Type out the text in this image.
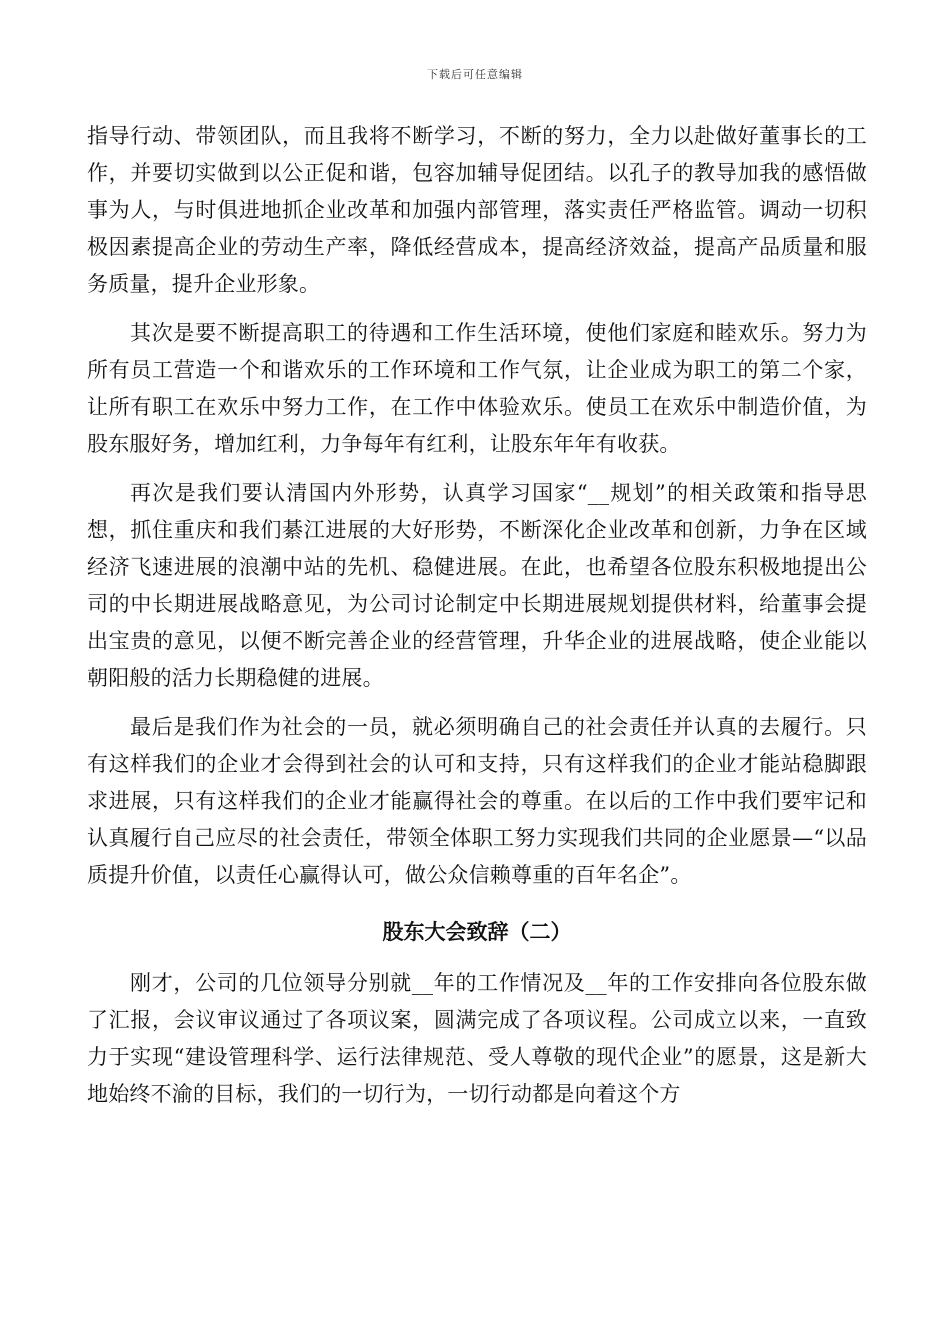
下载后可任意编辑

指导行动、带领团队，而且我将不断学习，不断的努力，全力以赴做好董事长的工作，并要切实做到以公正促和谐，包容加辅导促团结。以孔子的教导加我的感悟做事为人，与时俱进地抓企业改革和加强内部管理，落实责任严格监管。调动一切积极因素提高企业的劳动生产率，降低经营成本，提高经济效益，提高产品质量和服务质量，提升企业形象。

其次是要不断提高职工的待遇和工作生活环境，使他们家庭和睦欢乐。努力为所有员工营造一个和谐欢乐的工作环境和工作气氛，让企业成为职工的第二个家，让所有职工在欢乐中努力工作，在工作中体验欢乐。使员工在欢乐中制造价值，为股东服好务，增加红利，力争每年有红利，让股东年年有收获。

再次是我们要认清国内外形势，认真学习国家“__规划”的相关政策和指导思想，抓住重庆和我们綦江进展的大好形势，不断深化企业改革和创新，力争在区域经济飞速进展的浪潮中站的先机、稳健进展。在此，也希望各位股东积极地提出公司的中长期进展战略意见，为公司讨论制定中长期进展规划提供材料，给董事会提出宝贵的意见，以便不断完善企业的经营管理，升华企业的进展战略，使企业能以朝阳般的活力长期稳健的进展。

最后是我们作为社会的一员，就必须明确自己的社会责任并认真的去履行。只有这样我们的企业才会得到社会的认可和支持，只有这样我们的企业才能站稳脚跟求进展，只有这样我们的企业才能赢得社会的尊重。在以后的工作中我们要牢记和认真履行自己应尽的社会责任，带领全体职工努力实现我们共同的企业愿景—“以品质提升价值，以责任心赢得认可，做公众信赖尊重的百年名企”。

股东大会致辞（二）

刚才，公司的几位领导分别就__年的工作情况及__年的工作安排向各位股东做了汇报，会议审议通过了各项议案，圆满完成了各项议程。公司成立以来，一直致力于实现“建设管理科学、运行法律规范、受人尊敬的现代企业”的愿景，这是新大地始终不渝的目标，我们的一切行为，一切行动都是向着这个方
